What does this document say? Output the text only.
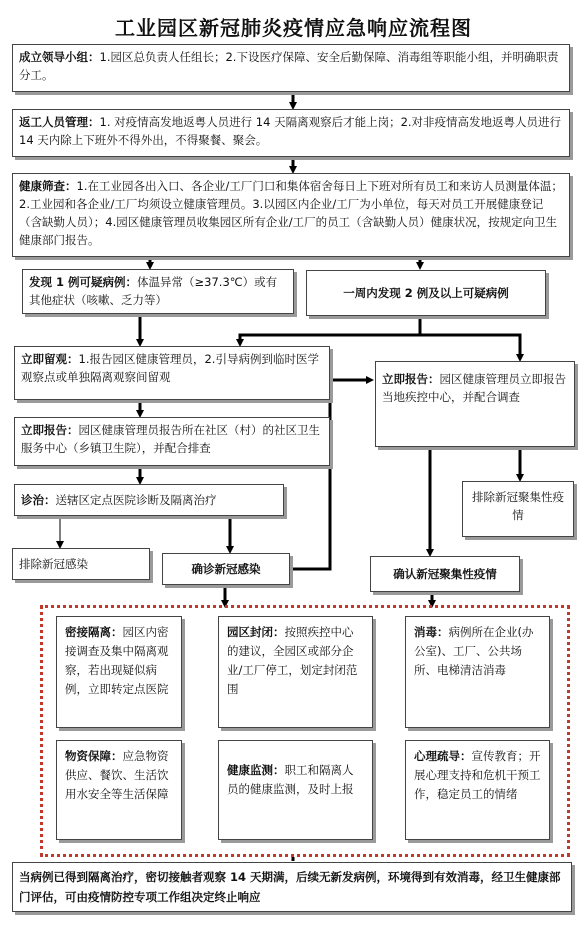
工业园区新冠肺炎疫情应急响应流程图
成立领导小组：1.园区总负责人任组长；2.下设医疗保障、安全后勤保障、消毒组等职能小组，并明确职责分工。
返工人员管理：1. 对疫情高发地返粤人员进行 14 天隔离观察后才能上岗；2.对非疫情高发地返粤人员进行 14 天内除上下班外不得外出，不得聚餐、聚会。
健康筛查：1.在工业园各出入口、各企业/工厂门口和集体宿舍每日上下班对所有员工和来访人员测量体温；2.工业园和各企业/工厂均须设立健康管理员。3.以园区内企业/工厂为小单位，每天对员工开展健康登记（含缺勤人员）；4.园区健康管理员收集园区所有企业/工厂的员工（含缺勤人员）健康状况，按规定向卫生健康部门报告。
发现 1 例可疑病例：体温异常（≥37.3℃）或有其他症状（咳嗽、乏力等）	一周内发现 2 例及以上可疑病例
立即留观：1.报告园区健康管理员，2.引导病例到临时医学观察点或单独隔离观察间留观	立即报告：园区健康管理员立即报告当地疾控中心，并配合调查
立即报告：园区健康管理员报告所在社区（村）的社区卫生服务中心（乡镇卫生院），并配合排查
诊治：送辖区定点医院诊断及隔离治疗	排除新冠聚集性疫情
排除新冠感染	确诊新冠感染	确认新冠聚集性疫情
密接隔离：园区内密接调查及集中隔离观察，若出现疑似病例，立即转定点医院
园区封闭：按照疾控中心的建议，全园区或部分企业/工厂停工，划定封闭范围
消毒：病例所在企业(办公室)、工厂、公共场所、电梯清洁消毒
物资保障：应急物资供应、餐饮、生活饮用水安全等生活保障
健康监测：职工和隔离人员的健康监测，及时上报
心理疏导：宣传教育；开展心理支持和危机干预工作，稳定员工的情绪
当病例已得到隔离治疗，密切接触者观察 14 天期满，后续无新发病例，环境得到有效消毒，经卫生健康部门评估，可由疫情防控专项工作组决定终止响应
